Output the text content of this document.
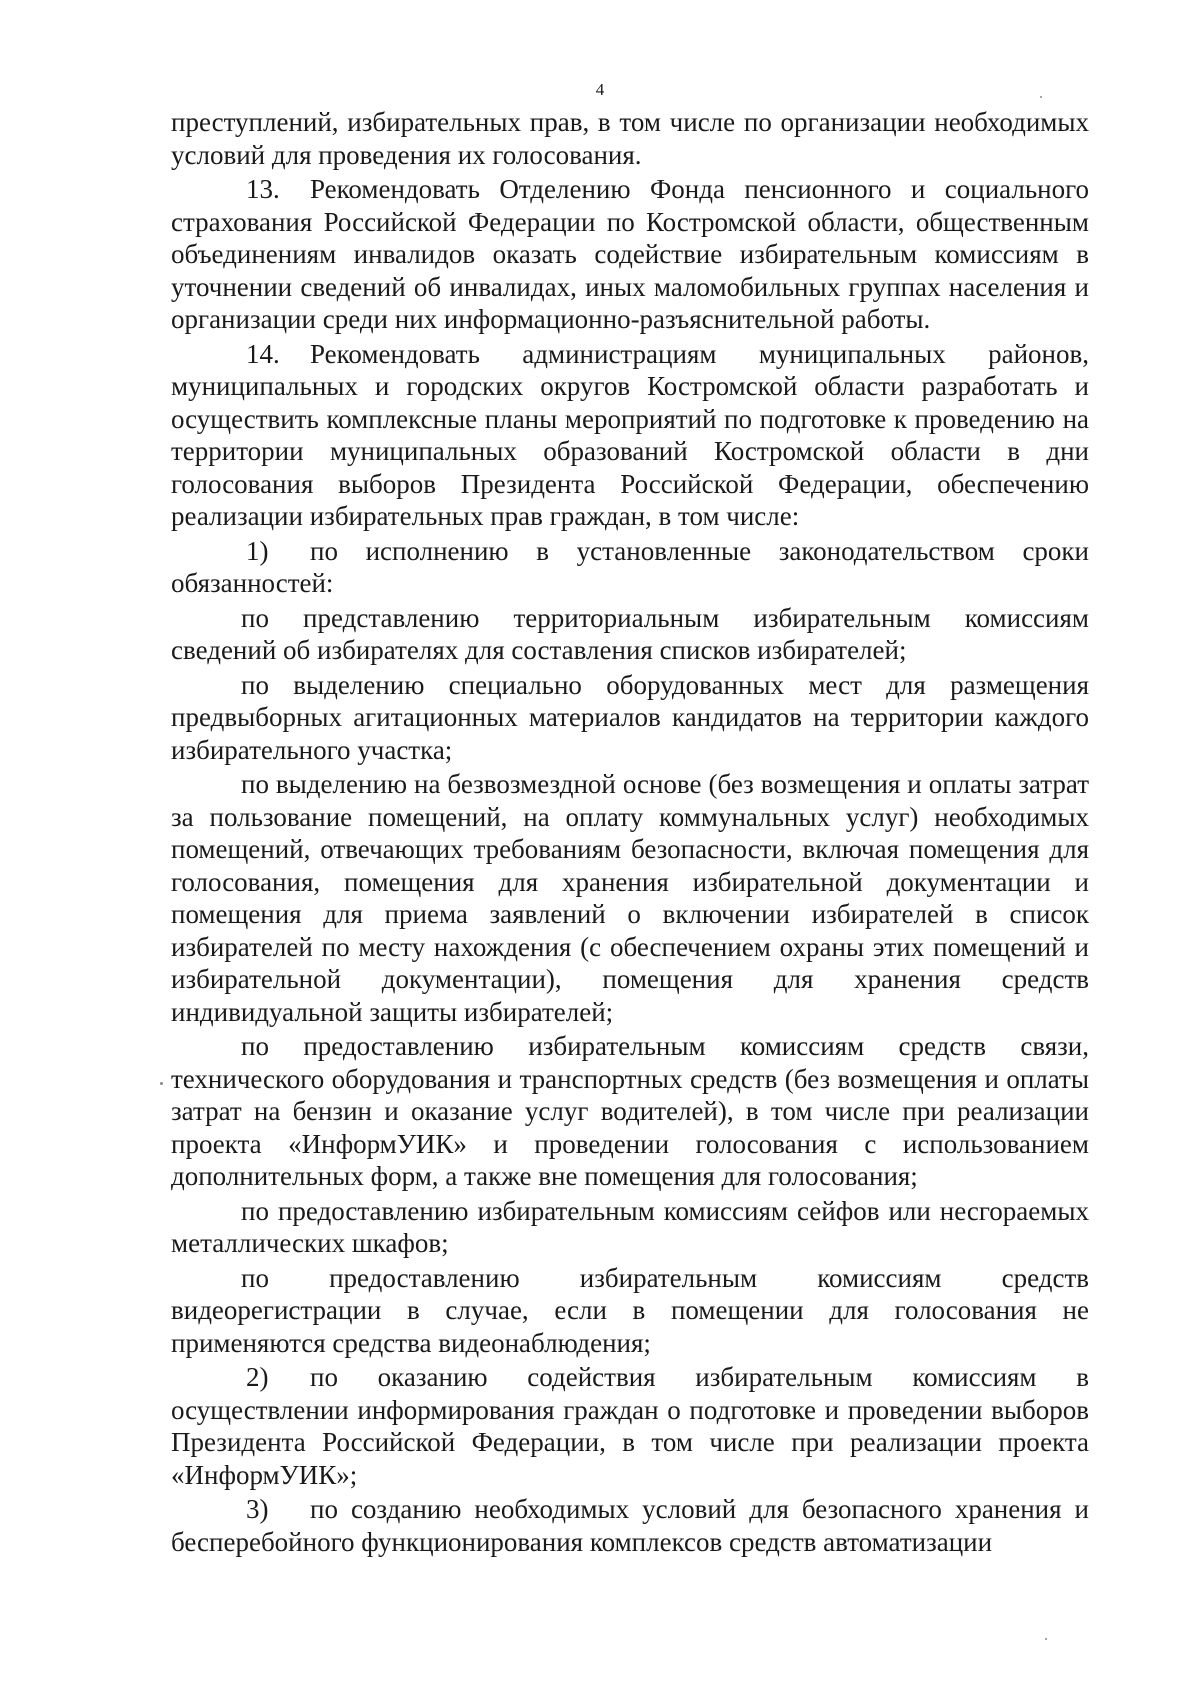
4

преступлений, избирательных прав, в том числе по организации необходимых условий для проведения их голосования.

13. Рекомендовать Отделению Фонда пенсионного и социального страхования Российской Федерации по Костромской области, общественным объединениям инвалидов оказать содействие избирательным комиссиям в уточнении сведений об инвалидах, иных маломобильных группах населения и организации среди них информационно-разъяснительной работы.

14. Рекомендовать администрациям муниципальных районов, муниципальных и городских округов Костромской области разработать и осуществить комплексные планы мероприятий по подготовке к проведению на территории муниципальных образований Костромской области в дни голосования выборов Президента Российской Федерации, обеспечению реализации избирательных прав граждан, в том числе:

1) по исполнению в установленные законодательством сроки обязанностей:

по представлению территориальным избирательным комиссиям сведений об избирателях для составления списков избирателей;

по выделению специально оборудованных мест для размещения предвыборных агитационных материалов кандидатов на территории каждого избирательного участка;

по выделению на безвозмездной основе (без возмещения и оплаты затрат за пользование помещений, на оплату коммунальных услуг) необходимых помещений, отвечающих требованиям безопасности, включая помещения для голосования, помещения для хранения избирательной документации и помещения для приема заявлений о включении избирателей в список избирателей по месту нахождения (с обеспечением охраны этих помещений и избирательной документации), помещения для хранения средств индивидуальной защиты избирателей;

по предоставлению избирательным комиссиям средств связи, технического оборудования и транспортных средств (без возмещения и оплаты затрат на бензин и оказание услуг водителей), в том числе при реализации проекта «ИнформУИК» и проведении голосования с использованием дополнительных форм, а также вне помещения для голосования;

по предоставлению избирательным комиссиям сейфов или несгораемых металлических шкафов;

по предоставлению избирательным комиссиям средств видеорегистрации в случае, если в помещении для голосования не применяются средства видеонаблюдения;

2) по оказанию содействия избирательным комиссиям в осуществлении информирования граждан о подготовке и проведении выборов Президента Российской Федерации, в том числе при реализации проекта «ИнформУИК»;

3) по созданию необходимых условий для безопасного хранения и бесперебойного функционирования комплексов средств автоматизации
